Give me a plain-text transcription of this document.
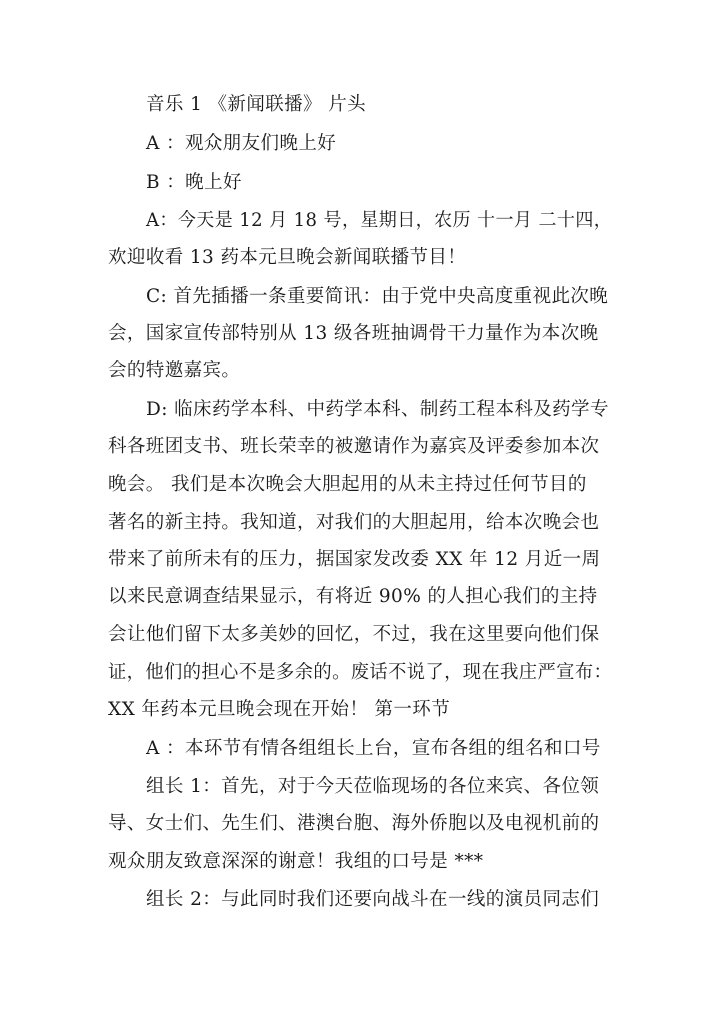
音乐 1 《新闻联播》 片头

A ：观众朋友们晚上好

B ：晚上好

A：今天是 12 月 18 号，星期日，农历 十一月 二十四，

欢迎收看 13 药本元旦晚会新闻联播节目！

C: 首先插播一条重要简讯：由于党中央高度重视此次晚

会，国家宣传部特别从 13 级各班抽调骨干力量作为本次晚

会的特邀嘉宾。

D: 临床药学本科、中药学本科、制药工程本科及药学专

科各班团支书、班长荣幸的被邀请作为嘉宾及评委参加本次

晚会。 我们是本次晚会大胆起用的从未主持过任何节目的

著名的新主持。我知道，对我们的大胆起用，给本次晚会也

带来了前所未有的压力，据国家发改委 XX 年 12 月近一周

以来民意调查结果显示，有将近 90% 的人担心我们的主持

会让他们留下太多美妙的回忆，不过，我在这里要向他们保

证，他们的担心不是多余的。废话不说了，现在我庄严宣布：

XX 年药本元旦晚会现在开始！ 第一环节

A ：本环节有情各组组长上台，宣布各组的组名和口号

组长 1：首先，对于今天莅临现场的各位来宾、各位领

导、女士们、先生们、港澳台胞、海外侨胞以及电视机前的

观众朋友致意深深的谢意！我组的口号是 ***

组长 2：与此同时我们还要向战斗在一线的演员同志们
